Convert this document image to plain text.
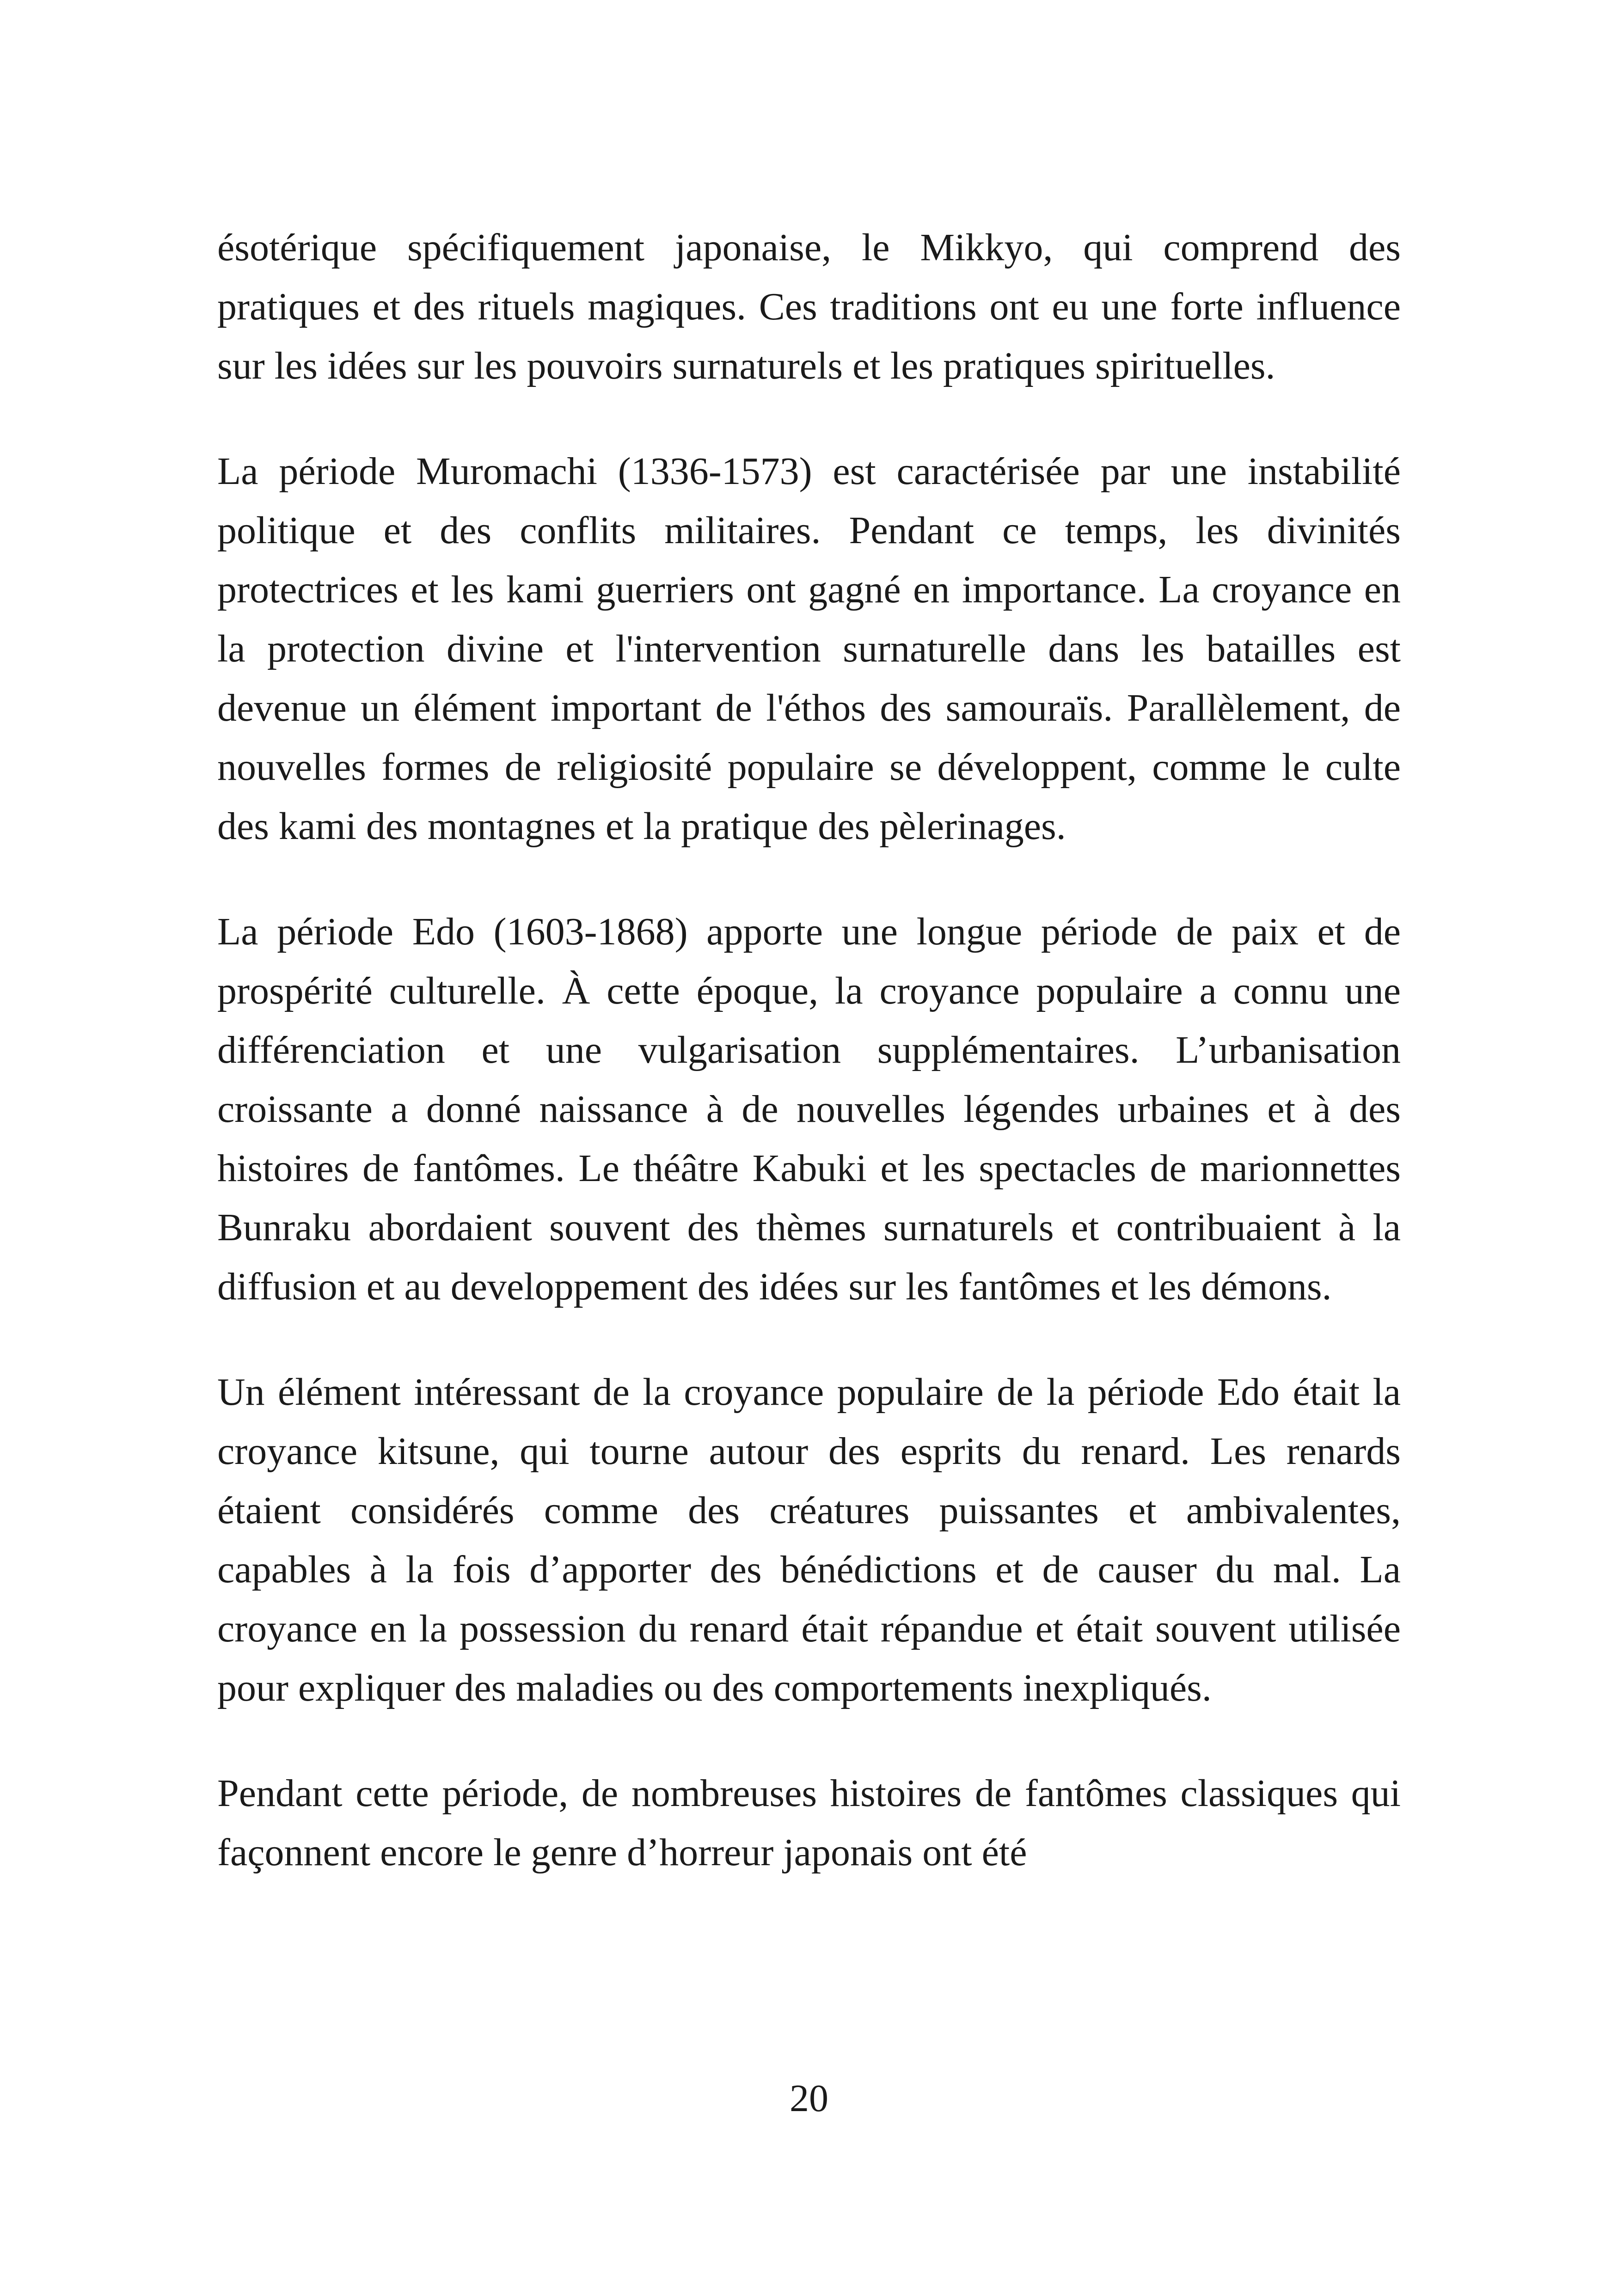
ésotérique spécifiquement japonaise, le Mikkyo, qui comprend des pratiques et des rituels magiques. Ces traditions ont eu une forte influence sur les idées sur les pouvoirs surnaturels et les pratiques spirituelles.

La période Muromachi (1336-1573) est caractérisée par une instabilité politique et des conflits militaires. Pendant ce temps, les divinités protectrices et les kami guerriers ont gagné en importance. La croyance en la protection divine et l'intervention surnaturelle dans les batailles est devenue un élément important de l'éthos des samouraïs. Parallèlement, de nouvelles formes de religiosité populaire se développent, comme le culte des kami des montagnes et la pratique des pèlerinages.

La période Edo (1603-1868) apporte une longue période de paix et de prospérité culturelle. À cette époque, la croyance populaire a connu une différenciation et une vulgarisation supplémentaires. L’urbanisation croissante a donné naissance à de nouvelles légendes urbaines et à des histoires de fantômes. Le théâtre Kabuki et les spectacles de marionnettes Bunraku abordaient souvent des thèmes surnaturels et contribuaient à la diffusion et au developpement des idées sur les fantômes et les démons.

Un élément intéressant de la croyance populaire de la période Edo était la croyance kitsune, qui tourne autour des esprits du renard. Les renards étaient considérés comme des créatures puissantes et ambivalentes, capables à la fois d’apporter des bénédictions et de causer du mal. La croyance en la possession du renard était répandue et était souvent utilisée pour expliquer des maladies ou des comportements inexpliqués.

Pendant cette période, de nombreuses histoires de fantômes classiques qui façonnent encore le genre d’horreur japonais ont été

20
